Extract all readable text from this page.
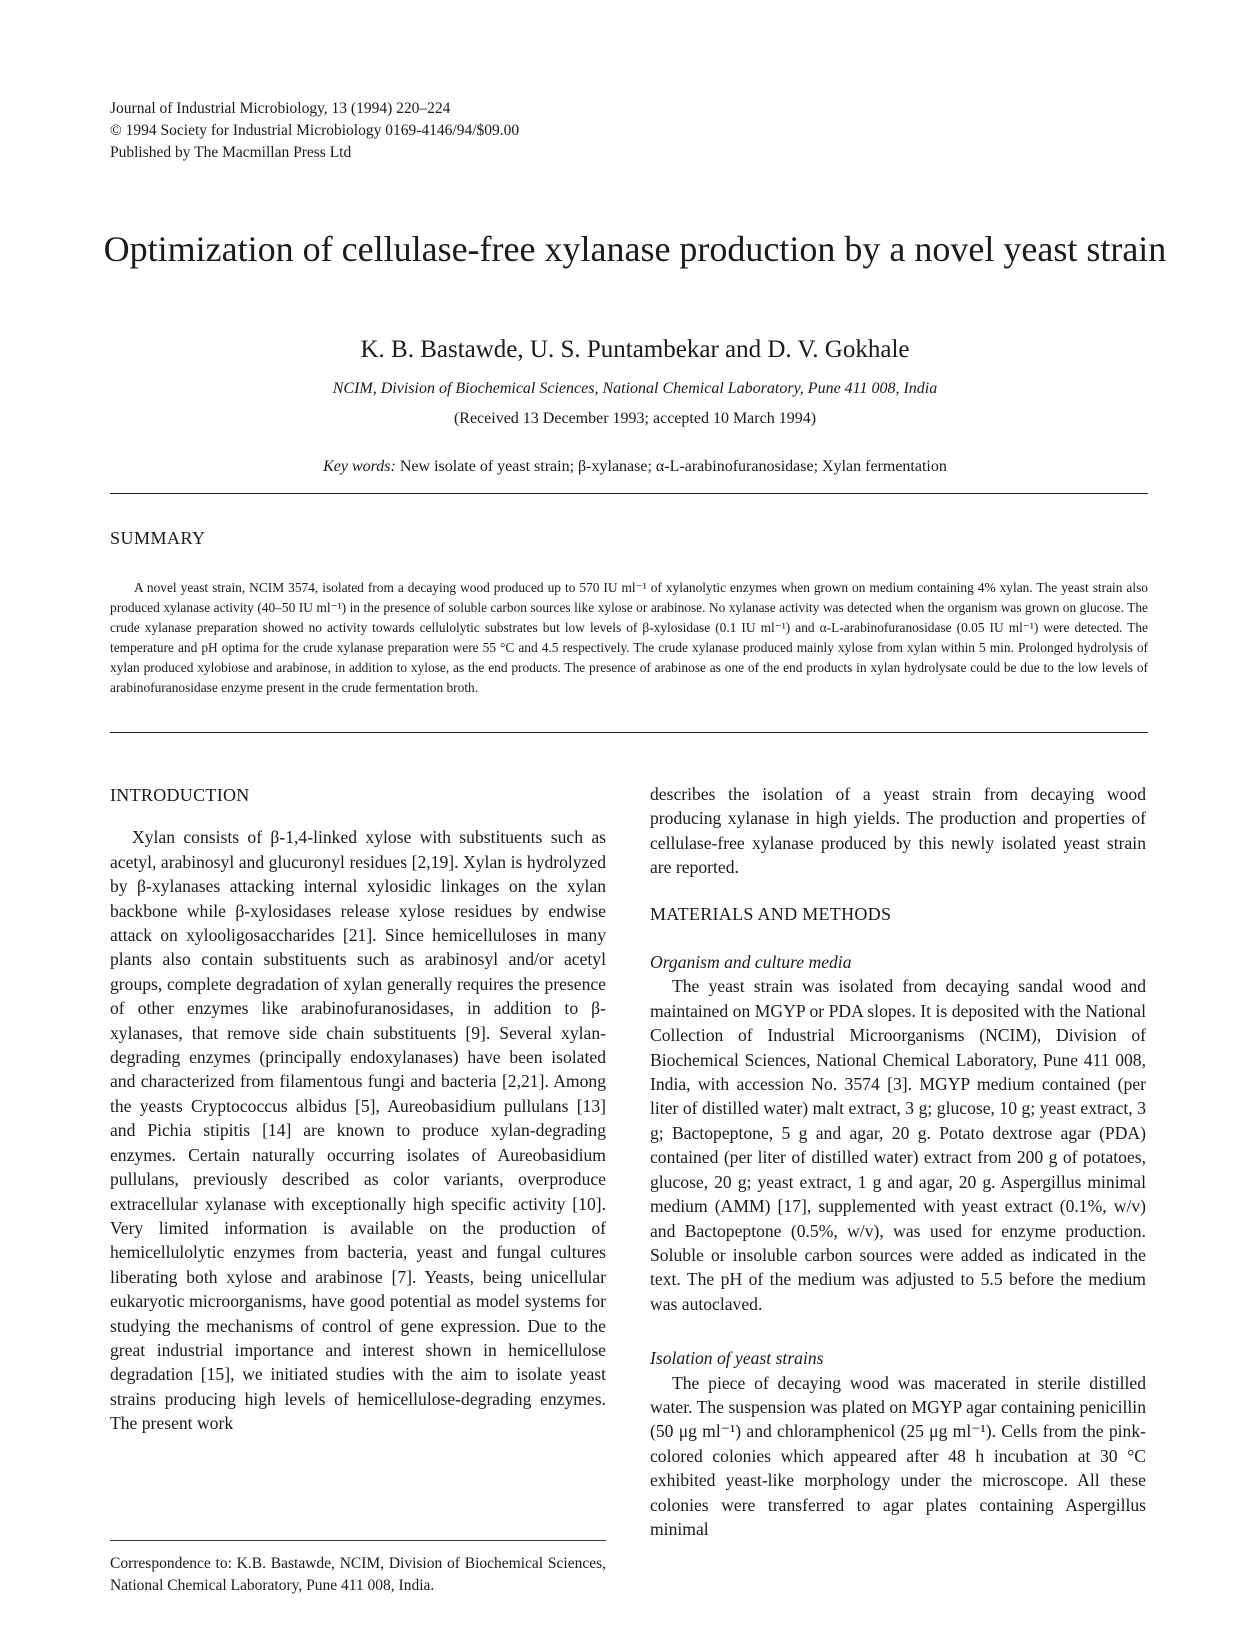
Journal of Industrial Microbiology, 13 (1994) 220–224
© 1994 Society for Industrial Microbiology 0169-4146/94/$09.00
Published by The Macmillan Press Ltd
Optimization of cellulase-free xylanase production by a novel yeast strain
K. B. Bastawde, U. S. Puntambekar and D. V. Gokhale
NCIM, Division of Biochemical Sciences, National Chemical Laboratory, Pune 411 008, India
(Received 13 December 1993; accepted 10 March 1994)
Key words: New isolate of yeast strain; β-xylanase; α-L-arabinofuranosidase; Xylan fermentation
SUMMARY

A novel yeast strain, NCIM 3574, isolated from a decaying wood produced up to 570 IU ml⁻¹ of xylanolytic enzymes when grown on medium containing 4% xylan. The yeast strain also produced xylanase activity (40–50 IU ml⁻¹) in the presence of soluble carbon sources like xylose or arabinose. No xylanase activity was detected when the organism was grown on glucose. The crude xylanase preparation showed no activity towards cellulolytic substrates but low levels of β-xylosidase (0.1 IU ml⁻¹) and α-L-arabinofuranosidase (0.05 IU ml⁻¹) were detected. The temperature and pH optima for the crude xylanase preparation were 55 °C and 4.5 respectively. The crude xylanase produced mainly xylose from xylan within 5 min. Prolonged hydrolysis of xylan produced xylobiose and arabinose, in addition to xylose, as the end products. The presence of arabinose as one of the end products in xylan hydrolysate could be due to the low levels of arabinofuranosidase enzyme present in the crude fermentation broth.

INTRODUCTION

Xylan consists of β-1,4-linked xylose with substituents such as acetyl, arabinosyl and glucuronyl residues [2,19]. Xylan is hydrolyzed by β-xylanases attacking internal xylosidic linkages on the xylan backbone while β-xylosidases release xylose residues by endwise attack on xylooligosaccharides [21]. Since hemicelluloses in many plants also contain substituents such as arabinosyl and/or acetyl groups, complete degradation of xylan generally requires the presence of other enzymes like arabinofuranosidases, in addition to β-xylanases, that remove side chain substituents [9]. Several xylan-degrading enzymes (principally endoxylanases) have been isolated and characterized from filamentous fungi and bacteria [2,21]. Among the yeasts Cryptococcus albidus [5], Aureobasidium pullulans [13] and Pichia stipitis [14] are known to produce xylan-degrading enzymes. Certain naturally occurring isolates of Aureobasidium pullulans, previously described as color variants, overproduce extracellular xylanase with exceptionally high specific activity [10]. Very limited information is available on the production of hemicellulolytic enzymes from bacteria, yeast and fungal cultures liberating both xylose and arabinose [7]. Yeasts, being unicellular eukaryotic microorganisms, have good potential as model systems for studying the mechanisms of control of gene expression. Due to the great industrial importance and interest shown in hemicellulose degradation [15], we initiated studies with the aim to isolate yeast strains producing high levels of hemicellulose-degrading enzymes. The present work

describes the isolation of a yeast strain from decaying wood producing xylanase in high yields. The production and properties of cellulase-free xylanase produced by this newly isolated yeast strain are reported.

MATERIALS AND METHODS
Organism and culture media

The yeast strain was isolated from decaying sandal wood and maintained on MGYP or PDA slopes. It is deposited with the National Collection of Industrial Microorganisms (NCIM), Division of Biochemical Sciences, National Chemical Laboratory, Pune 411 008, India, with accession No. 3574 [3]. MGYP medium contained (per liter of distilled water) malt extract, 3 g; glucose, 10 g; yeast extract, 3 g; Bactopeptone, 5 g and agar, 20 g. Potato dextrose agar (PDA) contained (per liter of distilled water) extract from 200 g of potatoes, glucose, 20 g; yeast extract, 1 g and agar, 20 g. Aspergillus minimal medium (AMM) [17], supplemented with yeast extract (0.1%, w/v) and Bactopeptone (0.5%, w/v), was used for enzyme production. Soluble or insoluble carbon sources were added as indicated in the text. The pH of the medium was adjusted to 5.5 before the medium was autoclaved.

Isolation of yeast strains

The piece of decaying wood was macerated in sterile distilled water. The suspension was plated on MGYP agar containing penicillin (50 μg ml⁻¹) and chloramphenicol (25 μg ml⁻¹). Cells from the pink-colored colonies which appeared after 48 h incubation at 30 °C exhibited yeast-like morphology under the microscope. All these colonies were transferred to agar plates containing Aspergillus minimal

Correspondence to: K.B. Bastawde, NCIM, Division of Biochemical Sciences, National Chemical Laboratory, Pune 411 008, India.
